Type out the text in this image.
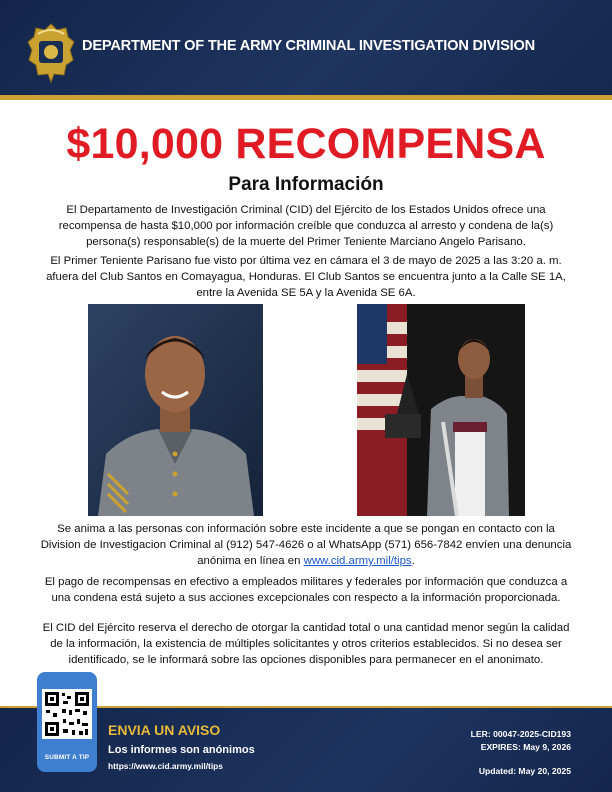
DEPARTMENT OF THE ARMY CRIMINAL INVESTIGATION DIVISION
$10,000 RECOMPENSA
Para Información
El Departamento de Investigación Criminal (CID) del Ejército de los Estados Unidos ofrece una recompensa de hasta $10,000 por información creíble que conduzca al arresto y condena de la(s) persona(s) responsable(s) de la muerte del Primer Teniente Marciano Angelo Parisano.
El Primer Teniente Parisano fue visto por última vez en cámara el 3 de mayo de 2025 a las 3:20 a. m. afuera del Club Santos en Comayagua, Honduras. El Club Santos se encuentra junto a la Calle SE 1A, entre la Avenida SE 5A y la Avenida SE 6A.
Se anima a las personas con información sobre este incidente a que se pongan en contacto con la Division de Investigacion Criminal al (912) 547-4626 o al WhatsApp (571) 656-7842 envíen una denuncia anónima en línea en www.cid.army.mil/tips.
El pago de recompensas en efectivo a empleados militares y federales por información que conduzca a una condena está sujeto a sus acciones excepcionales con respecto a la información proporcionada.
El CID del Ejército reserva el derecho de otorgar la cantidad total o una cantidad menor según la calidad de la información, la existencia de múltiples solicitantes y otros criterios establecidos. Si no desea ser identificado, se le informará sobre las opciones disponibles para permanecer en el anonimato.
SUBMIT A TIP
ENVIA UN AVISO
Los informes son anónimos
https://www.cid.army.mil/tips
LER: 00047-2025-CID193
EXPIRES: May 9, 2026
Updated: May 20, 2025
